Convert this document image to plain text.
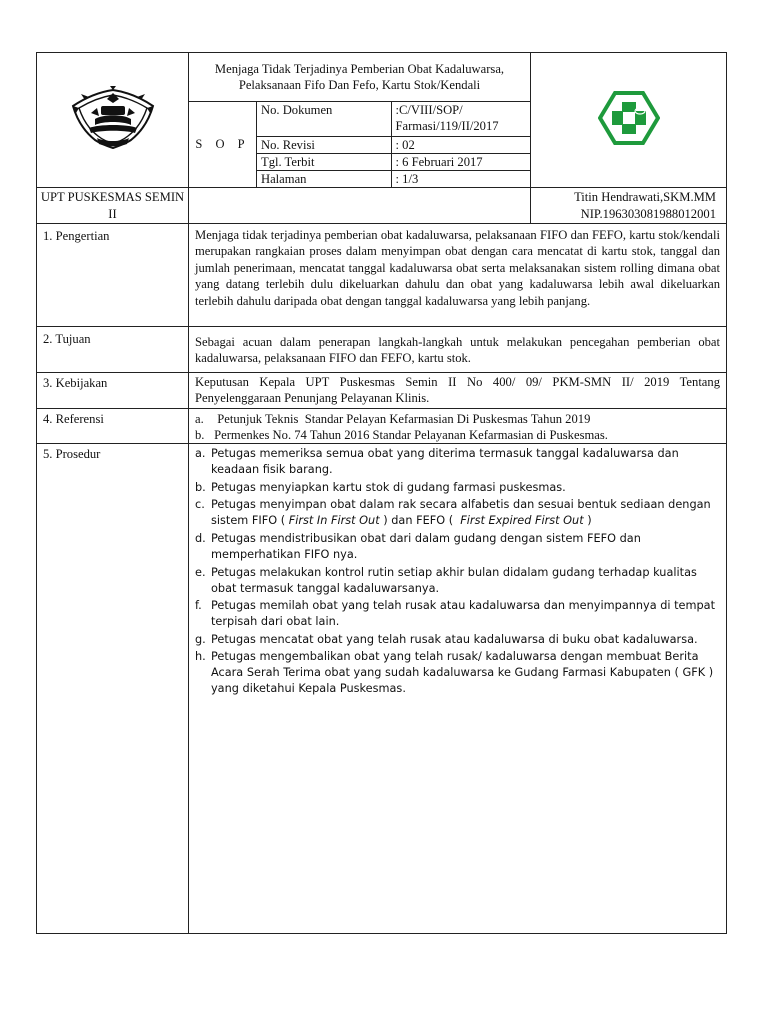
	Menjaga Tidak Terjadinya Pemberian Obat Kadaluwarsa, Pelaksanaan Fifo Dan Fefo, Kartu Stok/Kendali	
S O P	
No. Dokumen	:C/VIII/SOP/ Farmasi/119/II/2017
No. Revisi	: 02
Tgl. Terbit	: 6 Februari 2017
Halaman	: 1/3

UPT PUSKESMAS SEMIN II		
Titin Hendrawati,SKM.MM
NIP.196303081988012001

1. Pengertian	Menjaga tidak terjadinya pemberian obat kadaluwarsa, pelaksanaan FIFO dan FEFO, kartu stok/kendali merupakan rangkaian proses dalam menyimpan obat dengan cara mencatat di kartu stok, tanggal dan jumlah penerimaan, mencatat tanggal kadaluwarsa obat serta melaksanakan sistem rolling dimana obat yang datang terlebih dulu dikeluarkan dahulu dan obat yang kadaluwarsa lebih awal dikeluarkan terlebih dahulu daripada obat dengan tanggal kadaluwarsa yang lebih panjang.
2. Tujuan	Sebagai acuan dalam penerapan langkah-langkah untuk melakukan pencegahan pemberian obat kadaluwarsa, pelaksanaan FIFO dan FEFO, kartu stok.
3. Kebijakan	Keputusan Kepala UPT Puskesmas Semin II No 400/ 09/ PKM-SMN II/ 2019 Tentang Penyelenggaraan Penunjang Pelayanan Klinis.
4. Referensi	a. Petunjuk Teknis  Standar Pelayan Kefarmasian Di Puskesmas Tahun 2019
b. Permenkes No. 74 Tahun 2016 Standar Pelayanan Kefarmasian di Puskesmas.

5. Prosedur	a. Petugas memeriksa semua obat yang diterima termasuk tanggal kadaluwarsa dan keadaan fisik barang.
b. Petugas menyiapkan kartu stok di gudang farmasi puskesmas.
c. Petugas menyimpan obat dalam rak secara alfabetis dan sesuai bentuk sediaan dengan sistem FIFO ( First In First Out ) dan FEFO (  First Expired First Out )
d. Petugas mendistribusikan obat dari dalam gudang dengan sistem FEFO dan memperhatikan FIFO nya.
e. Petugas melakukan kontrol rutin setiap akhir bulan didalam gudang terhadap kualitas obat termasuk tanggal kadaluwarsanya.
f. Petugas memilah obat yang telah rusak atau kadaluwarsa dan menyimpannya di tempat terpisah dari obat lain.
g. Petugas mencatat obat yang telah rusak atau kadaluwarsa di buku obat kadaluwarsa.
h. Petugas mengembalikan obat yang telah rusak/ kadaluwarsa dengan membuat Berita Acara Serah Terima obat yang sudah kadaluwarsa ke Gudang Farmasi Kabupaten ( GFK ) yang diketahui Kepala Puskesmas.
